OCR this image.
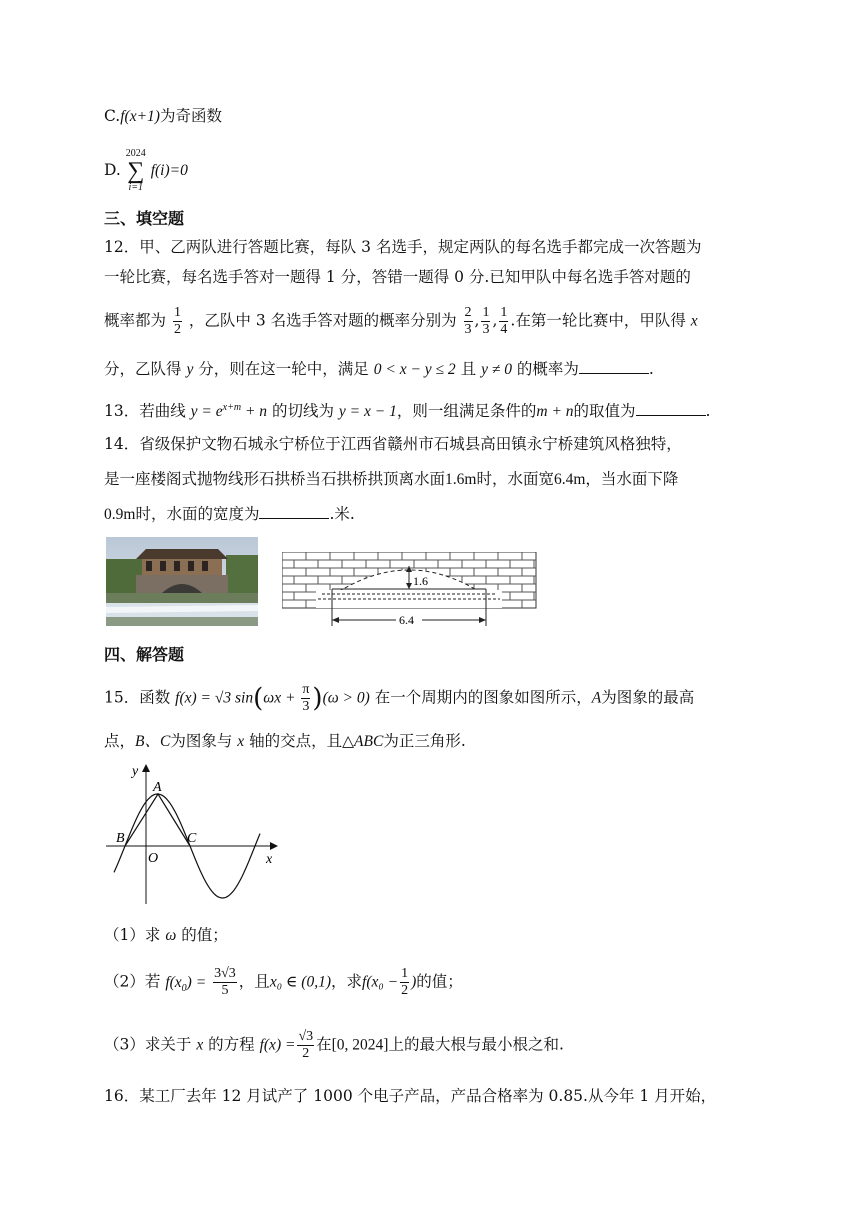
C.f(x+1)为奇函数
D.
2024
∑
i=1
f(i)=0
三、填空题
12．甲、乙两队进行答题比赛，每队 3 名选手，规定两队的每名选手都完成一次答题为
一轮比赛，每名选手答对一题得 1 分，答错一题得 0 分.已知甲队中每名选手答对题的
概率都为 $\frac{1}{2}$ ，乙队中 3 名选手答对题的概率分别为 $\frac{2}{3}$ , $\frac{1}{3}$ , $\frac{1}{4}$ .在第一轮比赛中，甲队得 x
分，乙队得 y 分，则在这一轮中，满足 0 < x − y ≤ 2 且 y ≠ 0 的概率为	.
13．若曲线 $y = e^{x+m} + n$ 的切线为 y = x − 1，则一组满足条件的m + n的取值为	.
14．省级保护文物石城永宁桥位于江西省赣州市石城县高田镇永宁桥建筑风格独特，
是一座楼阁式抛物线形石拱桥当石拱桥拱顶离水面1.6m时，水面宽6.4m，当水面下降
0.9m时，水面的宽度为	.米.
1.6
6.4
四、解答题
15．函数 f(x) = √3 $\sin(\omega x + \frac{\pi}{3} )(\omega > 0)$ 在一个周期内的图象如图所示，A为图象的最高
点，B、C为图象与 x 轴的交点，且△ABC为正三角形.
y
x
A
B	C
O
（1）求 ω 的值；
（2）若 $f(x_0) = \frac{3√3}{5}$ ，且x₀ ∈ (0,1)，求$f(x_0 - \frac{1}{2}$ )的值；
（3）求关于 x 的方程 $f(x) = \frac{√3}{2}$ 在[0, 2024]上的最大根与最小根之和.
16．某工厂去年 12 月试产了 1000 个电子产品，产品合格率为 0.85.从今年 1 月开始，
